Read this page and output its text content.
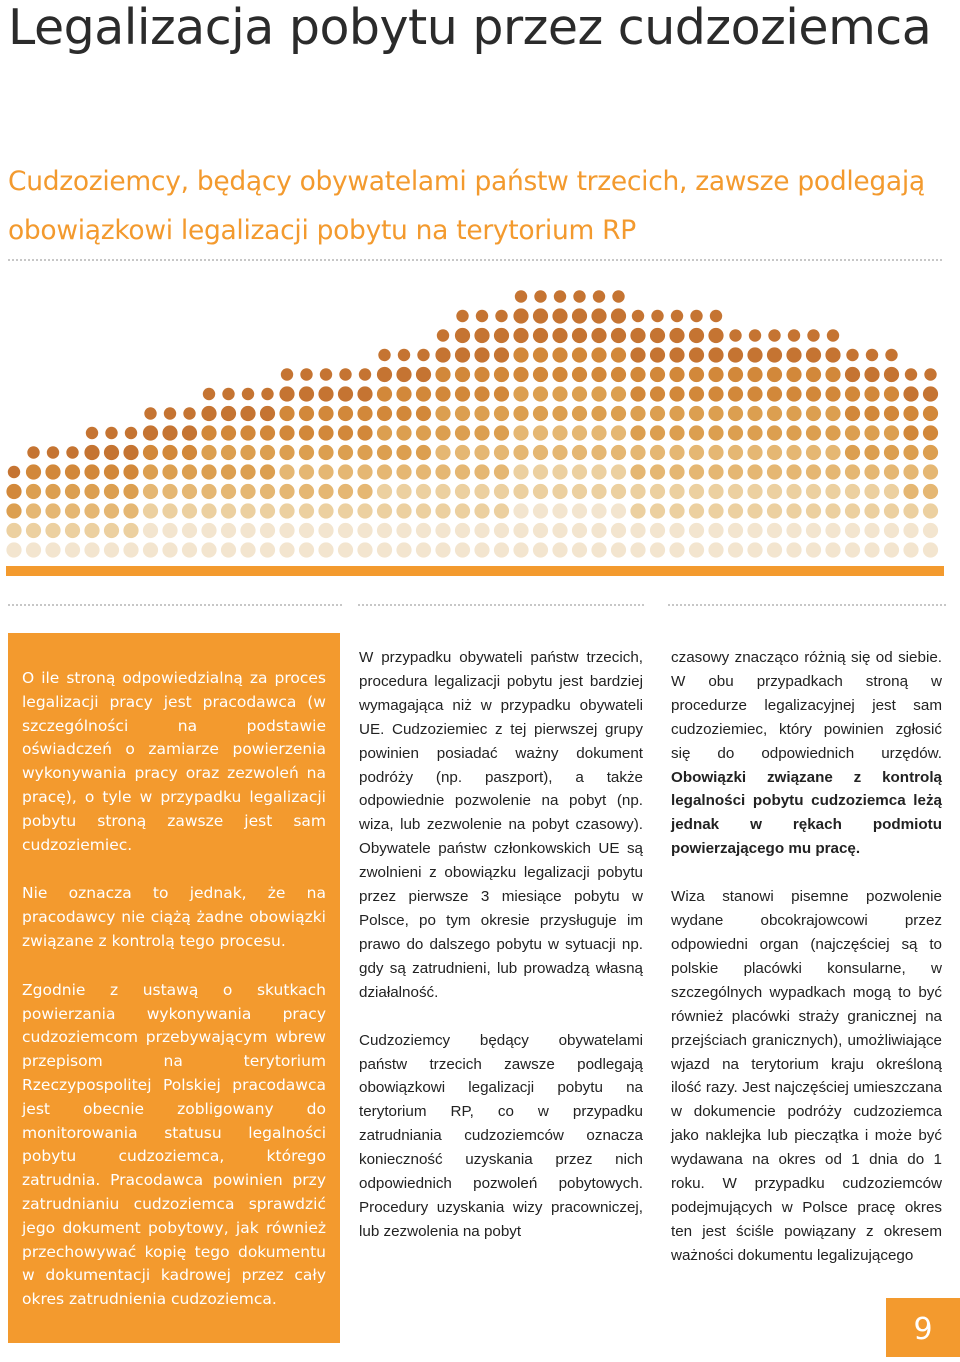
Legalizacja pobytu przez cudzoziemca
Cudzoziemcy, będący obywatelami państw trzecich, zawsze podlegają obowiązkowi legalizacji pobytu na terytorium RP

O ile stroną odpowiedzialną za proces legalizacji pracy jest pracodawca (w szczególności na podstawie oświadczeń o zamiarze powierzenia wykonywania pracy oraz zezwoleń na pracę), o tyle w przypadku legalizacji pobytu stroną zawsze jest sam cudzoziemiec.

Nie oznacza to jednak, że na pracodawcy nie ciążą żadne obowiązki związane z kontrolą tego procesu.

Zgodnie z ustawą o skutkach powierzania wykonywania pracy cudzoziemcom przebywającym wbrew przepisom na terytorium Rzeczypospolitej Polskiej pracodawca jest obecnie zobligowany do monitorowania statusu legalności pobytu cudzoziemca, którego zatrudnia. Pracodawca powinien przy zatrudnianiu cudzoziemca sprawdzić jego dokument pobytowy, jak również przechowywać kopię tego dokumentu w dokumentacji kadrowej przez cały okres zatrudnienia cudzoziemca.

W przypadku obywateli państw trzecich, procedura legalizacji pobytu jest bardziej wymagająca niż w przypadku obywateli UE. Cudzoziemiec z tej pierwszej grupy powinien posiadać ważny dokument podróży (np. paszport), a także odpowiednie pozwolenie na pobyt (np. wiza, lub zezwolenie na pobyt czasowy). Obywatele państw członkowskich UE są zwolnieni z obowiązku legalizacji pobytu przez pierwsze 3 miesiące pobytu w Polsce, po tym okresie przysługuje im prawo do dalszego pobytu w sytuacji np. gdy są zatrudnieni, lub prowadzą własną działalność.

Cudzoziemcy będący obywatelami państw trzecich zawsze podlegają obowiązkowi legalizacji pobytu na terytorium RP, co w przypadku zatrudniania cudzoziemców oznacza konieczność uzyskania przez nich odpowiednich pozwoleń pobytowych. Procedury uzyskania wizy pracowniczej, lub zezwolenia na pobyt

czasowy znacząco różnią się od siebie. W obu przypadkach stroną w procedurze legalizacyjnej jest sam cudzoziemiec, który powinien zgłosić się do odpowiednich urzędów. Obowiązki związane z kontrolą legalności pobytu cudzoziemca leżą jednak w rękach podmiotu powierzającego mu pracę.

Wiza stanowi pisemne pozwolenie wydane obcokrajowcowi przez odpowiedni organ (najczęściej są to polskie placówki konsularne, w szczególnych wypadkach mogą to być również placówki straży granicznej na przejściach granicznych), umożliwiające wjazd na terytorium kraju określoną ilość razy. Jest najczęściej umieszczana w dokumencie podróży cudzoziemca jako naklejka lub pieczątka i może być wydawana na okres od 1 dnia do 1 roku. W przypadku cudzoziemców podejmujących w Polsce pracę okres ten jest ściśle powiązany z okresem ważności dokumentu legalizującego

9
